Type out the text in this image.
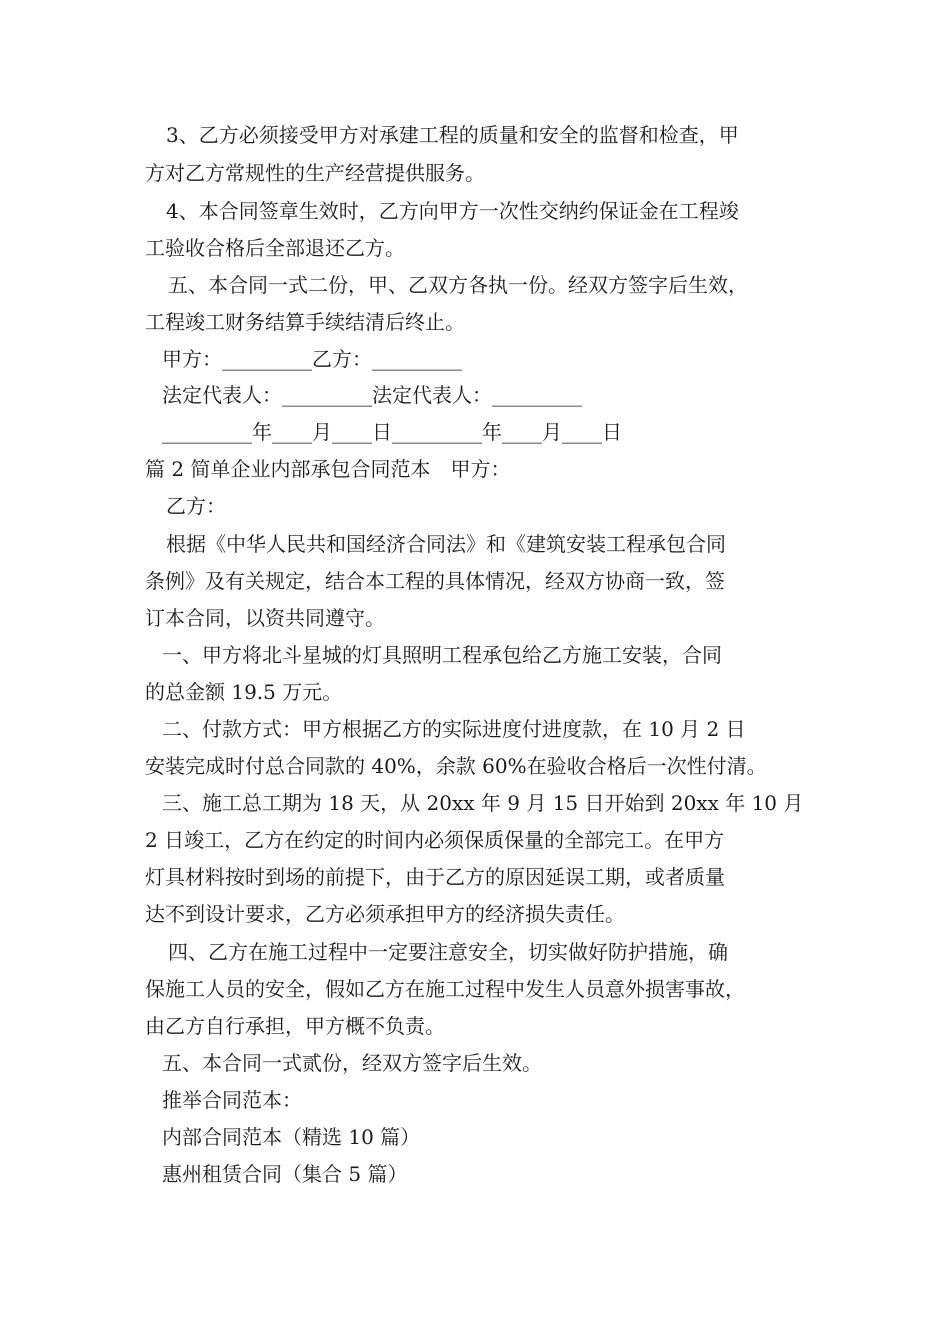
3、乙方必须接受甲方对承建工程的质量和安全的监督和检查，甲
方对乙方常规性的生产经营提供服务。
4、本合同签章生效时，乙方向甲方一次性交纳约保证金在工程竣
工验收合格后全部退还乙方。
五、本合同一式二份，甲、乙双方各执一份。经双方签字后生效，
工程竣工财务结算手续结清后终止。
甲方：_________乙方：_________
法定代表人：_________法定代表人：_________
_________年____月____日_________年____月____日
篇 2 简单企业内部承包合同范本　甲方：
乙方：
根据《中华人民共和国经济合同法》和《建筑安装工程承包合同
条例》及有关规定，结合本工程的具体情况，经双方协商一致，签
订本合同，以资共同遵守。
一、甲方将北斗星城的灯具照明工程承包给乙方施工安装，合同
的总金额 19.5 万元。
二、付款方式：甲方根据乙方的实际进度付进度款，在 10 月 2 日
安装完成时付总合同款的 40%，余款 60%在验收合格后一次性付清。
三、施工总工期为 18 天，从 20xx 年 9 月 15 日开始到 20xx 年 10 月
2 日竣工，乙方在约定的时间内必须保质保量的全部完工。在甲方
灯具材料按时到场的前提下，由于乙方的原因延误工期，或者质量
达不到设计要求，乙方必须承担甲方的经济损失责任。
四、乙方在施工过程中一定要注意安全，切实做好防护措施，确
保施工人员的安全，假如乙方在施工过程中发生人员意外损害事故，
由乙方自行承担，甲方概不负责。
五、本合同一式贰份，经双方签字后生效。
推举合同范本：
内部合同范本（精选 10 篇）
惠州租赁合同（集合 5 篇）
